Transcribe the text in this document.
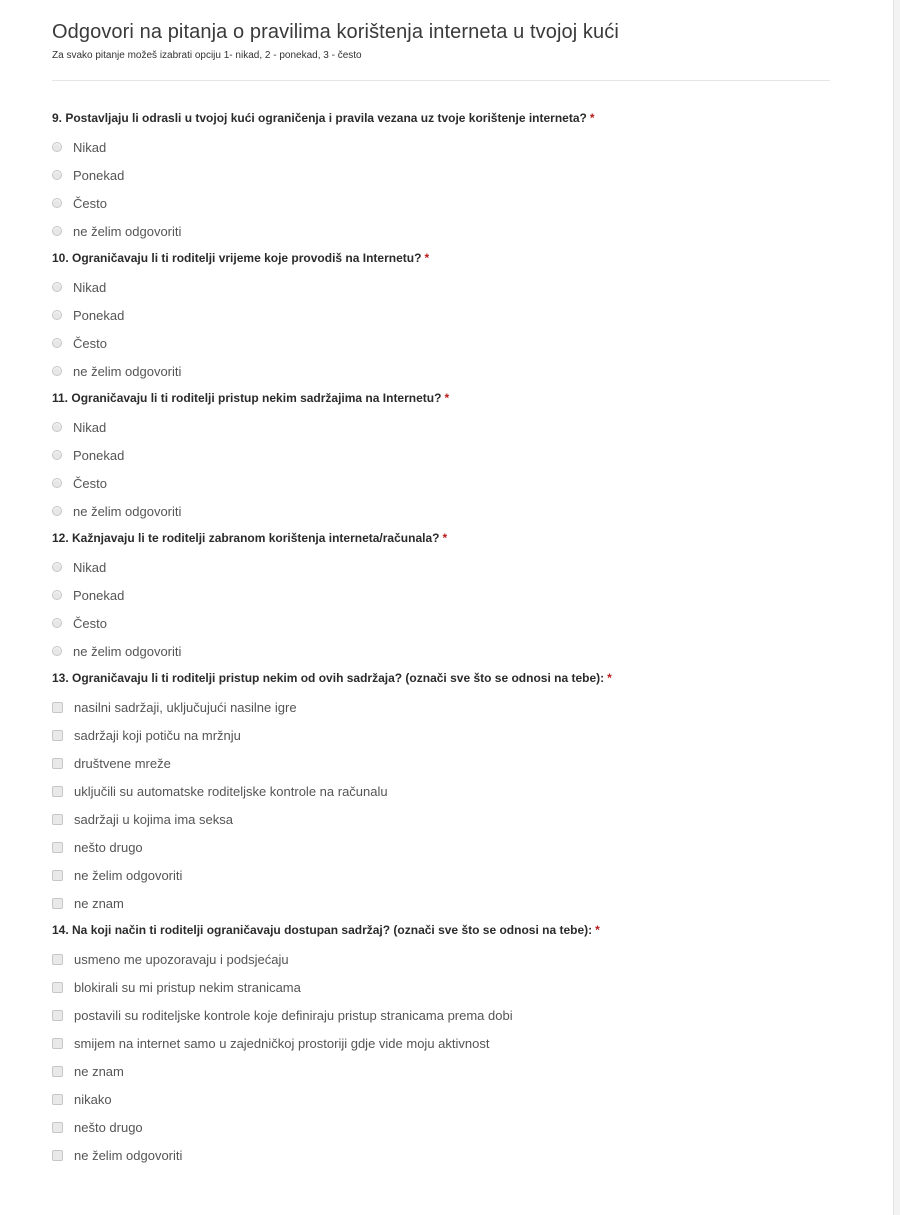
Odgovori na pitanja o pravilima korištenja interneta u tvojoj kući
Za svako pitanje možeš izabrati opciju 1- nikad, 2 - ponekad, 3 - često
9. Postavljaju li odrasli u tvojoj kući ograničenja i pravila vezana uz tvoje korištenje interneta? *
Nikad
Ponekad
Često
ne želim odgovoriti
10. Ograničavaju li ti roditelji vrijeme koje provodiš na Internetu? *
Nikad
Ponekad
Često
ne želim odgovoriti
11. Ograničavaju li ti roditelji pristup nekim sadržajima na Internetu? *
Nikad
Ponekad
Često
ne želim odgovoriti
12. Kažnjavaju li te roditelji zabranom korištenja interneta/računala? *
Nikad
Ponekad
Često
ne želim odgovoriti
13. Ograničavaju li ti roditelji pristup nekim od ovih sadržaja? (označi sve što se odnosi na tebe): *
nasilni sadržaji, uključujući nasilne igre
sadržaji koji potiču na mržnju
društvene mreže
uključili su automatske roditeljske kontrole na računalu
sadržaji u kojima ima seksa
nešto drugo
ne želim odgovoriti
ne znam
14. Na koji način ti roditelji ograničavaju dostupan sadržaj? (označi sve što se odnosi na tebe): *
usmeno me upozoravaju i podsjećaju
blokirali su mi pristup nekim stranicama
postavili su roditeljske kontrole koje definiraju pristup stranicama prema dobi
smijem na internet samo u zajedničkoj prostoriji gdje vide moju aktivnost
ne znam
nikako
nešto drugo
ne želim odgovoriti
